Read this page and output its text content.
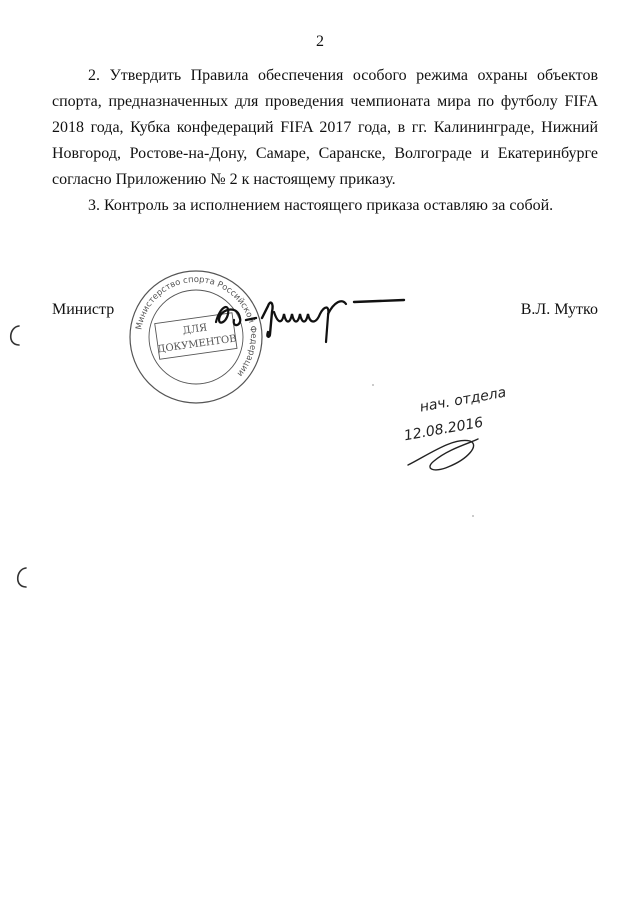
2

2. Утвердить Правила обеспечения особого режима охраны объектов спорта, предназначенных для проведения чемпионата мира по футболу FIFA 2018 года, Кубка конфедераций FIFA 2017 года, в гг. Калининграде, Нижний Новгород, Ростове-на-Дону, Самаре, Саранске, Волгограде и Екатеринбурге согласно Приложению № 2 к настоящему приказу.

3. Контроль за исполнением настоящего приказа оставляю за собой.

Министр	В.Л. Мутко
Министерство спорта Российской Федерации
ДЛЯ
ДОКУМЕНТОВ
нач. отдела
12.08.2016
